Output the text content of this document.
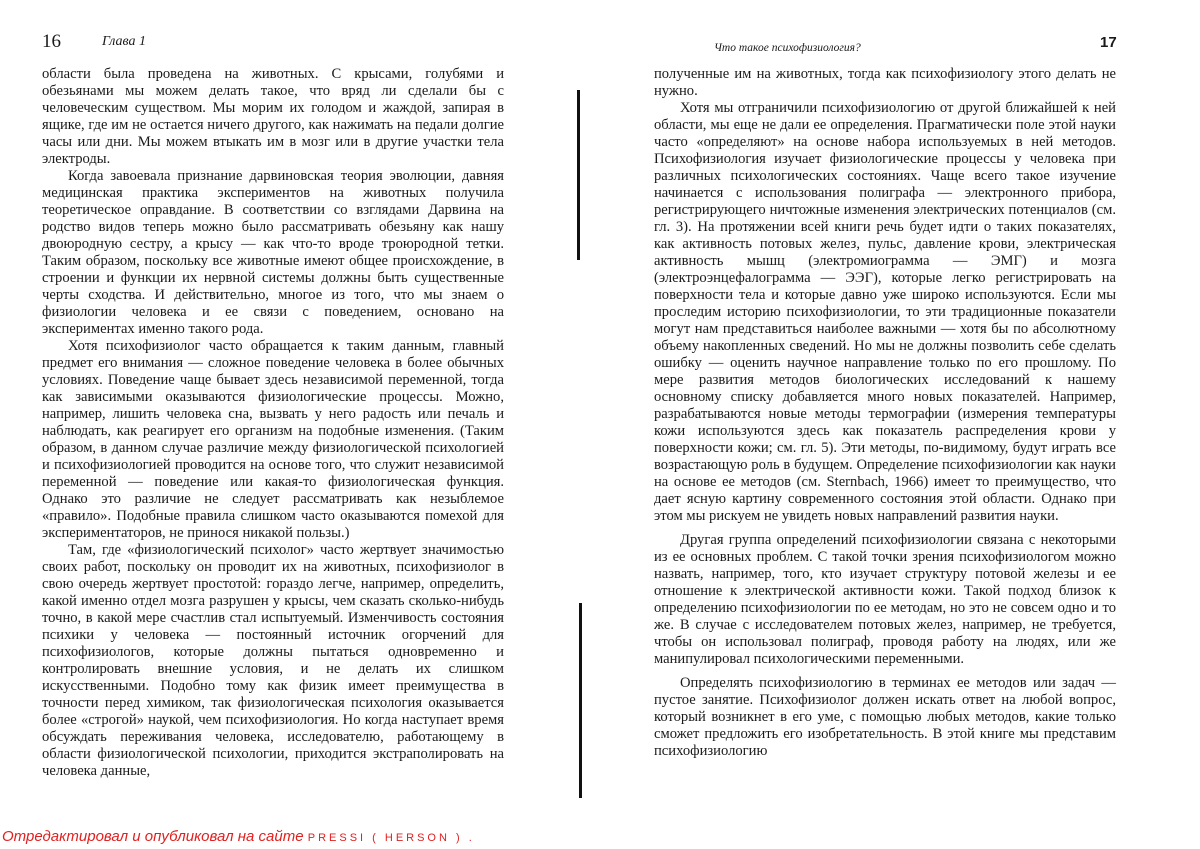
16	Глава 1

области была проведена на животных. С крысами, голубями и обезьянами мы можем делать такое, что вряд ли сделали бы с человеческим существом. Мы морим их голодом и жаждой, запирая в ящике, где им не остается ничего другого, как нажимать на педали долгие часы или дни. Мы можем втыкать им в мозг или в другие участки тела электроды.

Когда завоевала признание дарвиновская теория эволюции, давняя медицинская практика экспериментов на животных получила теоретическое оправдание. В соответствии со взглядами Дарвина на родство видов теперь можно было рассматривать обезьяну как нашу двоюродную сестру, а крысу — как что-то вроде троюродной тетки. Таким образом, поскольку все животные имеют общее происхождение, в строении и функции их нервной системы должны быть существенные черты сходства. И действительно, многое из того, что мы знаем о физиологии человека и ее связи с поведением, основано на экспериментах именно такого рода.

Хотя психофизиолог часто обращается к таким данным, главный предмет его внимания — сложное поведение человека в более обычных условиях. Поведение чаще бывает здесь независимой переменной, тогда как зависимыми оказываются физиологические процессы. Можно, например, лишить человека сна, вызвать у него радость или печаль и наблюдать, как реагирует его организм на подобные изменения. (Таким образом, в данном случае различие между физиологической психологией и психофизиологией проводится на основе того, что служит независимой переменной — поведение или какая-то физиологическая функция. Однако это различие не следует рассматривать как незыблемое «правило». Подобные правила слишком часто оказываются помехой для экспериментаторов, не принося никакой пользы.)

Там, где «физиологический психолог» часто жертвует значимостью своих работ, поскольку он проводит их на животных, психофизиолог в свою очередь жертвует простотой: гораздо легче, например, определить, какой именно отдел мозга разрушен у крысы, чем сказать сколько-нибудь точно, в какой мере счастлив стал испытуемый. Изменчивость состояния психики у человека — постоянный источник огорчений для психофизиологов, которые должны пытаться одновременно и контролировать внешние условия, и не делать их слишком искусственными. Подобно тому как физик имеет преимущества в точности перед химиком, так физиологическая психология оказывается более «строгой» наукой, чем психофизиология. Но когда наступает время обсуждать переживания человека, исследователю, работающему в области физиологической психологии, приходится экстраполировать на человека данные,

Что такое психофизиология?	17

полученные им на животных, тогда как психофизиологу этого делать не нужно.

Хотя мы отграничили психофизиологию от другой ближайшей к ней области, мы еще не дали ее определения. Прагматически поле этой науки часто «определяют» на основе набора используемых в ней методов. Психофизиология изучает физиологические процессы у человека при различных психологических состояниях. Чаще всего такое изучение начинается с использования полиграфа — электронного прибора, регистрирующего ничтожные изменения электрических потенциалов (см. гл. 3). На протяжении всей книги речь будет идти о таких показателях, как активность потовых желез, пульс, давление крови, электрическая активность мышц (электромиограмма — ЭМГ) и мозга (электроэнцефалограмма — ЭЭГ), которые легко регистрировать на поверхности тела и которые давно уже широко используются. Если мы проследим историю психофизиологии, то эти традиционные показатели могут нам представиться наиболее важными — хотя бы по абсолютному объему накопленных сведений. Но мы не должны позволить себе сделать ошибку — оценить научное направление только по его прошлому. По мере развития методов биологических исследований к нашему основному списку добавляется много новых показателей. Например, разрабатываются новые методы термографии (измерения температуры кожи используются здесь как показатель распределения крови у поверхности кожи; см. гл. 5). Эти методы, по-видимому, будут играть все возрастающую роль в будущем. Определение психофизиологии как науки на основе ее методов (см. Sternbach, 1966) имеет то преимущество, что дает ясную картину современного состояния этой области. Однако при этом мы рискуем не увидеть новых направлений развития науки.

Другая группа определений психофизиологии связана с некоторыми из ее основных проблем. С такой точки зрения психофизиологом можно назвать, например, того, кто изучает структуру потовой железы и ее отношение к электрической активности кожи. Такой подход близок к определению психофизиологии по ее методам, но это не совсем одно и то же. В случае с исследователем потовых желез, например, не требуется, чтобы он использовал полиграф, проводя работу на людях, или же манипулировал психологическими переменными.

Определять психофизиологию в терминах ее методов или задач — пустое занятие. Психофизиолог должен искать ответ на любой вопрос, который возникнет в его уме, с помощью любых методов, какие только сможет предложить его изобретательность. В этой книге мы представим психофизиологию

Отредактировал и опубликовал на сайте PRESSI ( HERSON ) .
